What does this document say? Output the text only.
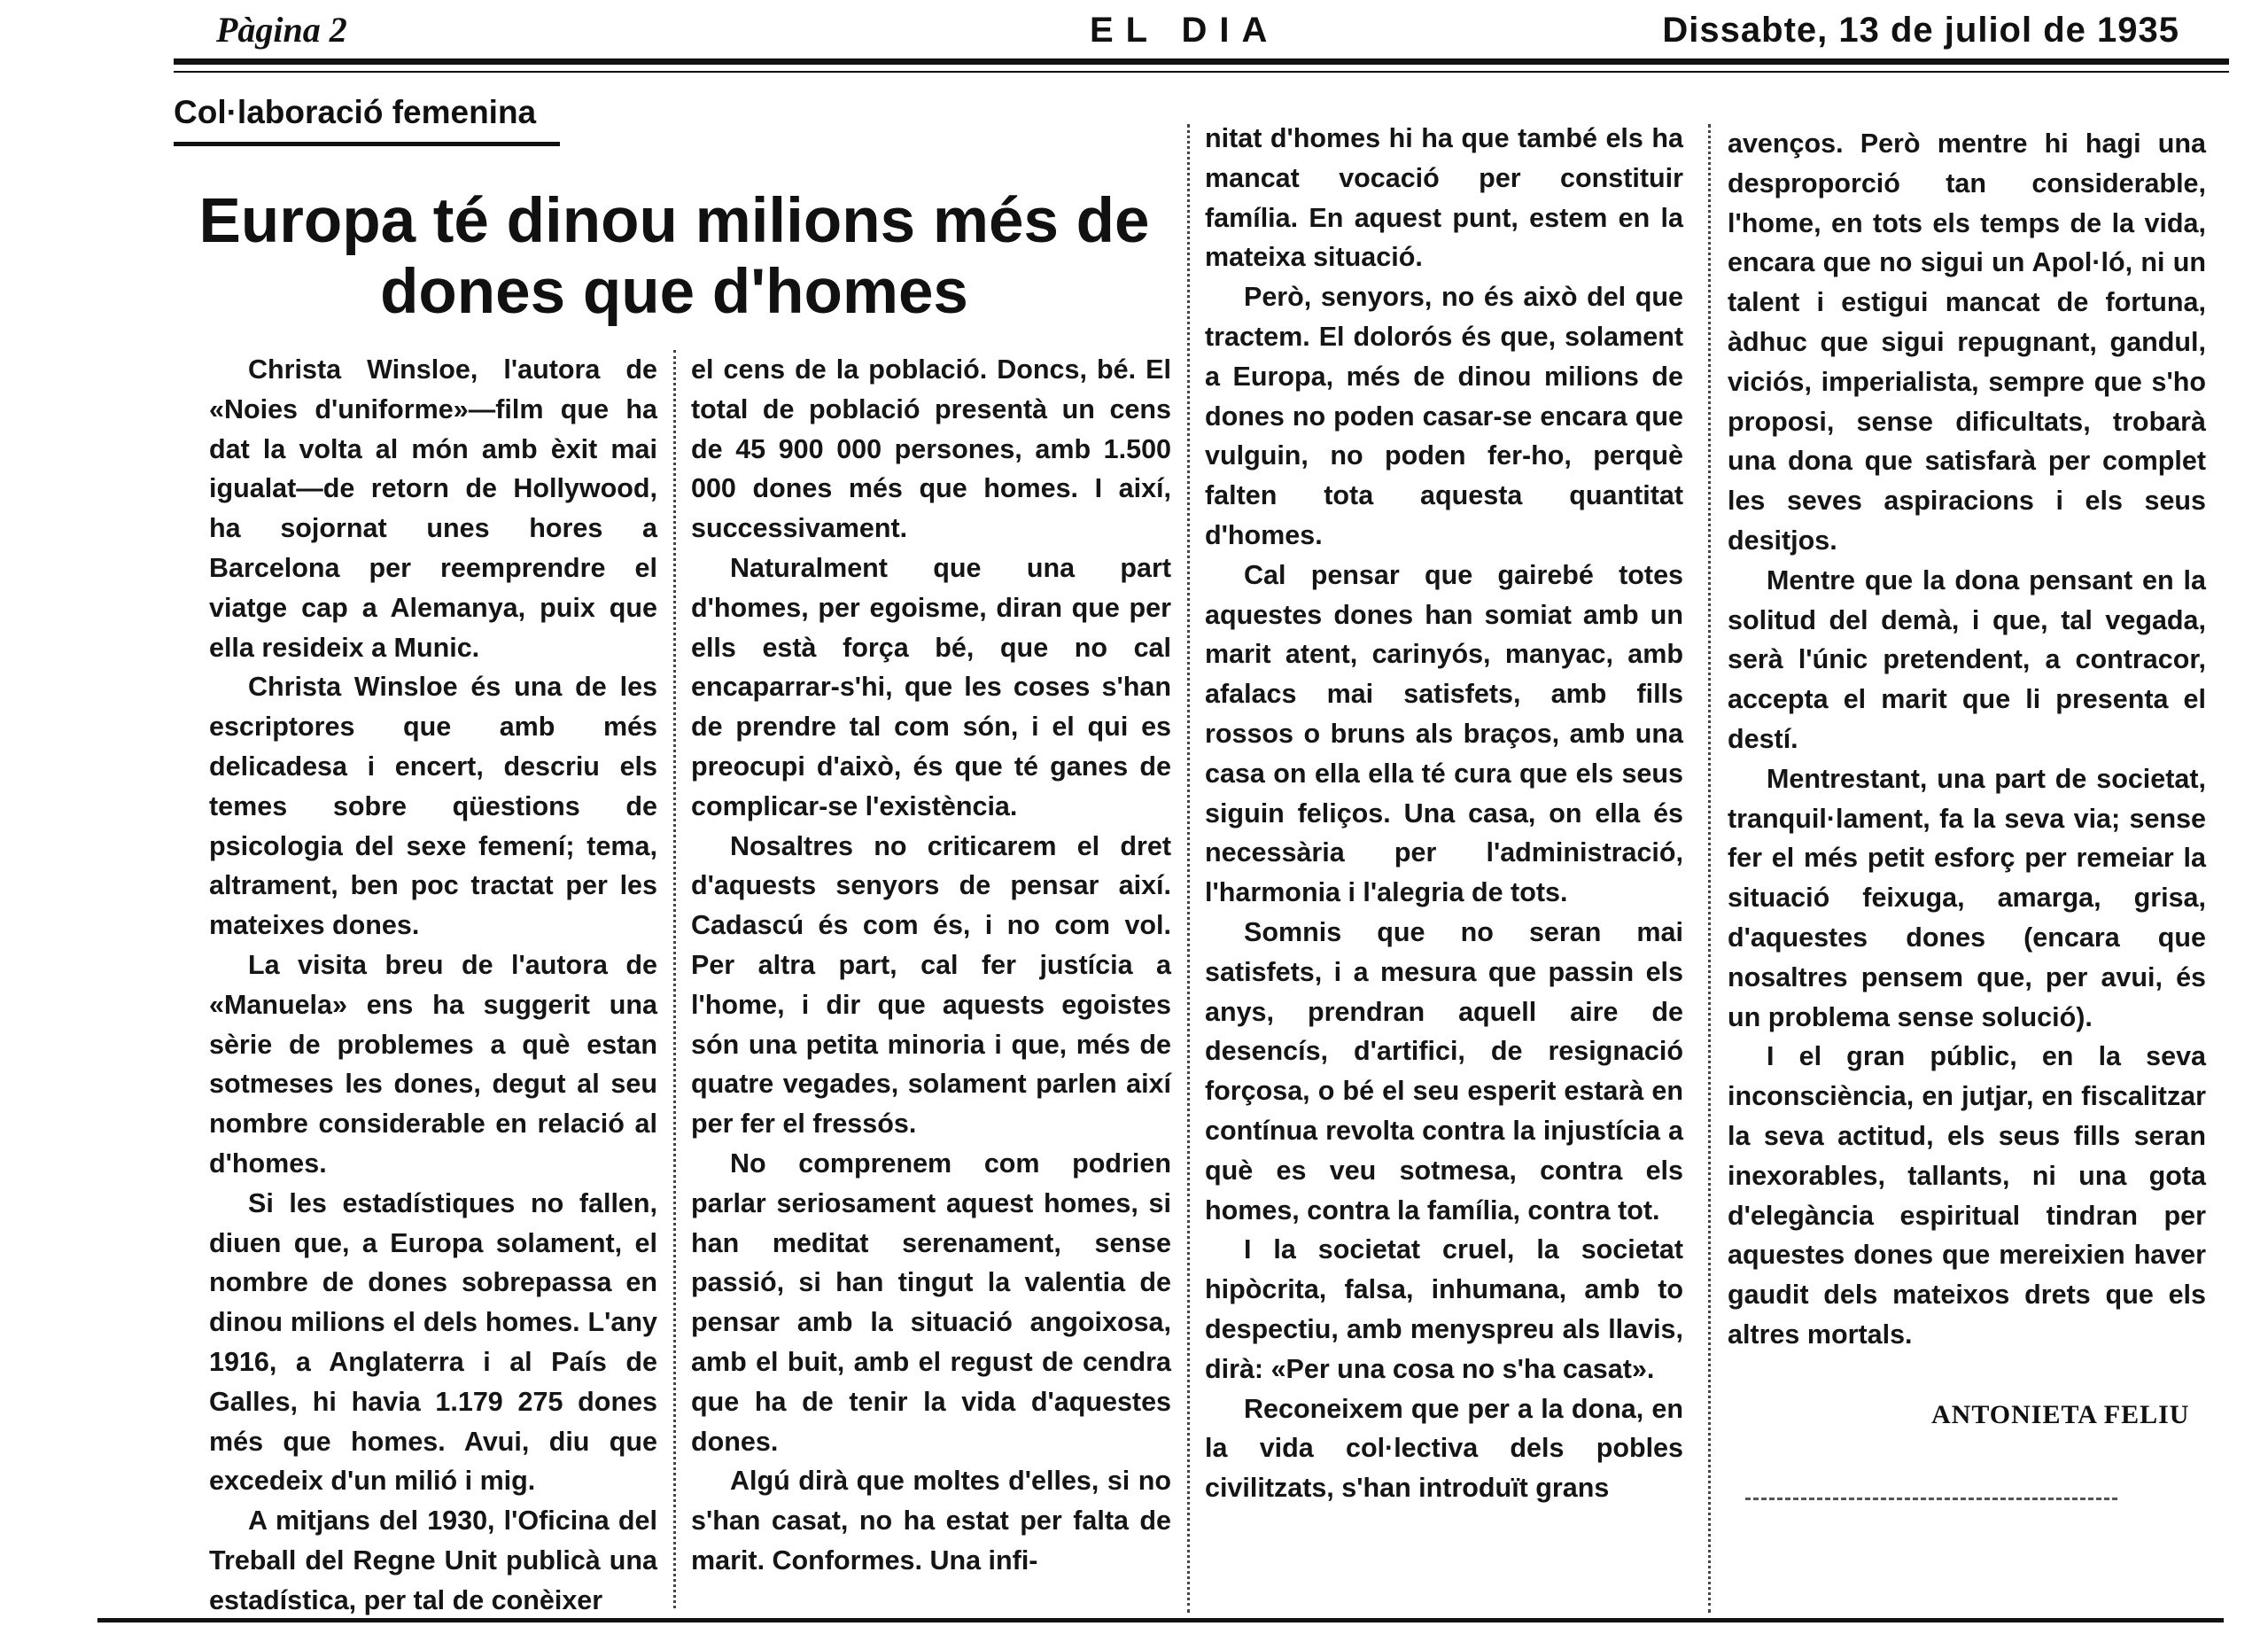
Pàgina 2	EL DIA	Dissabte, 13 de juliol de 1935
Col·laboració femenina
Europa té dinou milions més de
dones que d'homes

Christa Winsloe, l'autora de «Noies d'uniforme»—film que ha dat la volta al món amb èxit mai igualat—de retorn de Hollywood, ha sojornat unes hores a Barcelona per reemprendre el viatge cap a Alemanya, puix que ella resideix a Munic.

Christa Winsloe és una de les escriptores que amb més delicadesa i encert, descriu els temes sobre qüestions de psicologia del sexe femení; tema, altrament, ben poc tractat per les mateixes dones.

La visita breu de l'autora de «Manuela» ens ha suggerit una sèrie de problemes a què estan sotmeses les dones, degut al seu nombre considerable en relació al d'homes.

Si les estadístiques no fallen, diuen que, a Europa solament, el nombre de dones sobrepassa en dinou milions el dels homes. L'any 1916, a Anglaterra i al País de Galles, hi havia 1.179 275 dones més que homes. Avui, diu que excedeix d'un milió i mig.

A mitjans del 1930, l'Oficina del Treball del Regne Unit publicà una estadística, per tal de conèixer

el cens de la població. Doncs, bé. El total de població presentà un cens de 45 900 000 persones, amb 1.500 000 dones més que homes. I així, successivament.

Naturalment que una part d'homes, per egoisme, diran que per ells està força bé, que no cal encaparrar-s'hi, que les coses s'han de prendre tal com són, i el qui es preocupi d'això, és que té ganes de complicar-se l'existència.

Nosaltres no criticarem el dret d'aquests senyors de pensar així. Cadascú és com és, i no com vol. Per altra part, cal fer justícia a l'home, i dir que aquests egoistes són una petita minoria i que, més de quatre vegades, solament parlen així per fer el fressós.

No comprenem com podrien parlar seriosament aquest homes, si han meditat serenament, sense passió, si han tingut la valentia de pensar amb la situació angoixosa, amb el buit, amb el regust de cendra que ha de tenir la vida d'aquestes dones.

Algú dirà que moltes d'elles, si no s'han casat, no ha estat per falta de marit. Conformes. Una infi-

nitat d'homes hi ha que també els ha mancat vocació per constituir família. En aquest punt, estem en la mateixa situació.

Però, senyors, no és això del que tractem. El dolorós és que, solament a Europa, més de dinou milions de dones no poden casar-se encara que vulguin, no poden fer-ho, perquè falten tota aquesta quantitat d'homes.

Cal pensar que gairebé totes aquestes dones han somiat amb un marit atent, carinyós, manyac, amb afalacs mai satisfets, amb fills rossos o bruns als braços, amb una casa on ella ella té cura que els seus siguin feliços. Una casa, on ella és necessària per l'administració, l'harmonia i l'alegria de tots.

Somnis que no seran mai satisfets, i a mesura que passin els anys, prendran aquell aire de desencís, d'artifici, de resignació forçosa, o bé el seu esperit estarà en contínua revolta contra la injustícia a què es veu sotmesa, contra els homes, contra la família, contra tot.

I la societat cruel, la societat hipòcrita, falsa, inhumana, amb to despectiu, amb menyspreu als llavis, dirà: «Per una cosa no s'ha casat».

Reconeixem que per a la dona, en la vida col·lectiva dels pobles civilitzats, s'han introduït grans

avenços. Però mentre hi hagi una desproporció tan considerable, l'home, en tots els temps de la vida, encara que no sigui un Apol·ló, ni un talent i estigui mancat de fortuna, àdhuc que sigui repugnant, gandul, viciós, imperialista, sempre que s'ho proposi, sense dificultats, trobarà una dona que satisfarà per complet les seves aspiracions i els seus desitjos.

Mentre que la dona pensant en la solitud del demà, i que, tal vegada, serà l'únic pretendent, a contracor, accepta el marit que li presenta el destí.

Mentrestant, una part de societat, tranquil·lament, fa la seva via; sense fer el més petit esforç per remeiar la situació feixuga, amarga, grisa, d'aquestes dones (encara que nosaltres pensem que, per avui, és un problema sense solució).

I el gran públic, en la seva inconsciència, en jutjar, en fiscalitzar la seva actitud, els seus fills seran inexorables, tallants, ni una gota d'elegància espiritual tindran per aquestes dones que mereixien haver gaudit dels mateixos drets que els altres mortals.

ANTONIETA FELIU
